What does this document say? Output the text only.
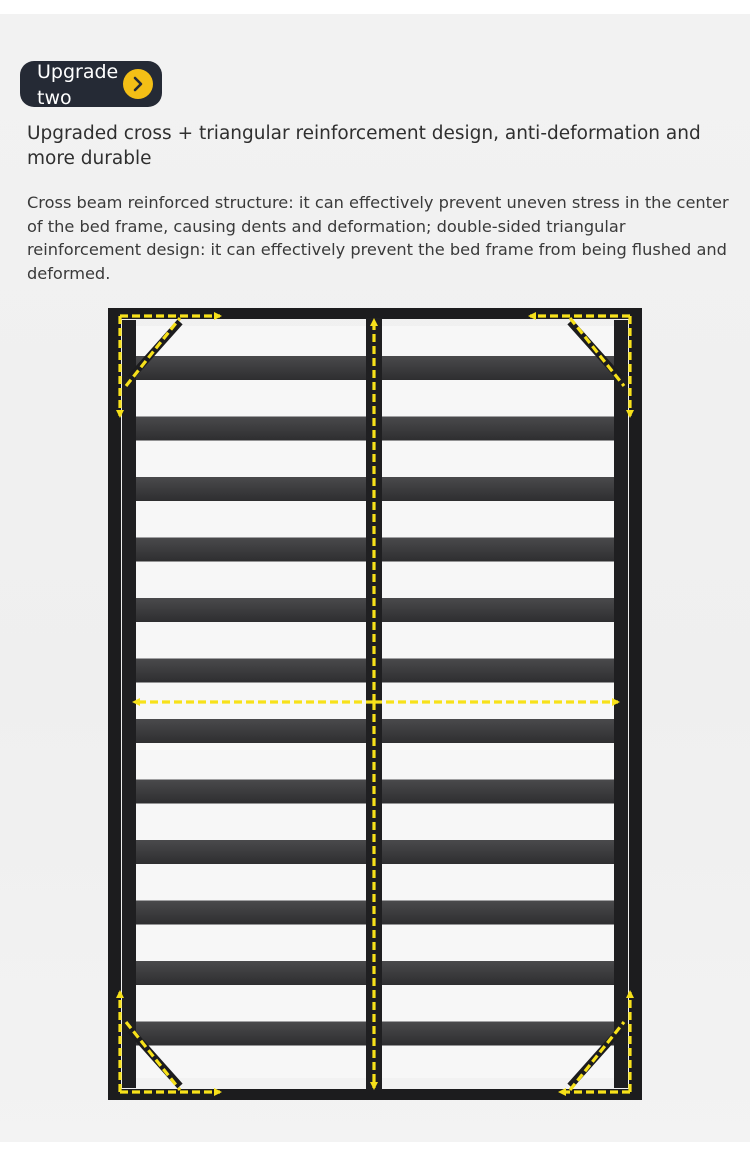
Upgrade two
Upgraded cross + triangular reinforcement design, anti-deformation and more durable

Cross beam reinforced structure: it can effectively prevent uneven stress in the center of the bed frame, causing dents and deformation; double-sided triangular reinforcement design: it can effectively prevent the bed frame from being flushed and deformed.
